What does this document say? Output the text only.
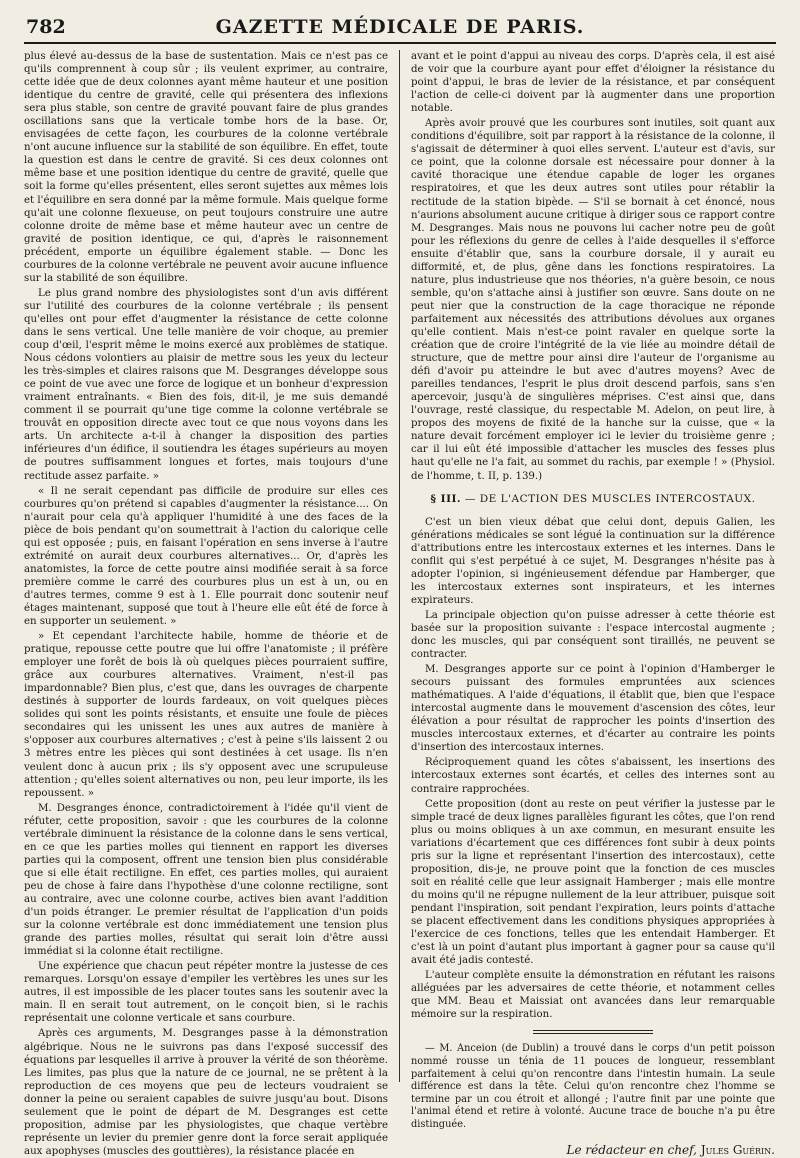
782	GAZETTE MÉDICALE DE PARIS.

plus élevé au-dessus de la base de sustentation. Mais ce n'est pas ce qu'ils comprennent à coup sûr ; ils veulent exprimer, au contraire, cette idée que de deux colonnes ayant même hauteur et une position identique du centre de gravité, celle qui présentera des inflexions sera plus stable, son centre de gravité pouvant faire de plus grandes oscillations sans que la verticale tombe hors de la base. Or, envisagées de cette façon, les courbures de la colonne vertébrale n'ont aucune influence sur la stabilité de son équilibre. En effet, toute la question est dans le centre de gravité. Si ces deux colonnes ont même base et une position identique du centre de gravité, quelle que soit la forme qu'elles présentent, elles seront sujettes aux mêmes lois et l'équilibre en sera donné par la même formule. Mais quelque forme qu'ait une colonne flexueuse, on peut toujours construire une autre colonne droite de même base et même hauteur avec un centre de gravité de position identique, ce qui, d'après le raisonnement précédent, emporte un équilibre également stable. — Donc les courbures de la colonne vertébrale ne peuvent avoir aucune influence sur la stabilité de son équilibre.

Le plus grand nombre des physiologistes sont d'un avis différent sur l'utilité des courbures de la colonne vertébrale ; ils pensent qu'elles ont pour effet d'augmenter la résistance de cette colonne dans le sens vertical. Une telle manière de voir choque, au premier coup d'œil, l'esprit même le moins exercé aux problèmes de statique. Nous cédons volontiers au plaisir de mettre sous les yeux du lecteur les très-simples et claires raisons que M. Desgranges développe sous ce point de vue avec une force de logique et un bonheur d'expression vraiment entraînants. « Bien des fois, dit-il, je me suis demandé comment il se pourrait qu'une tige comme la colonne vertébrale se trouvât en opposition directe avec tout ce que nous voyons dans les arts. Un architecte a-t-il à changer la disposition des parties inférieures d'un édifice, il soutiendra les étages supérieurs au moyen de poutres suffisamment longues et fortes, mais toujours d'une rectitude assez parfaite. »

« Il ne serait cependant pas difficile de produire sur elles ces courbures qu'on prétend si capables d'augmenter la résistance.... On n'aurait pour cela qu'à appliquer l'humidité à une des faces de la pièce de bois pendant qu'on soumettrait à l'action du calorique celle qui est opposée ; puis, en faisant l'opération en sens inverse à l'autre extrémité on aurait deux courbures alternatives... Or, d'après les anatomistes, la force de cette poutre ainsi modifiée serait à sa force première comme le carré des courbures plus un est à un, ou en d'autres termes, comme 9 est à 1. Elle pourrait donc soutenir neuf étages maintenant, supposé que tout à l'heure elle eût été de force à en supporter un seulement. »

» Et cependant l'architecte habile, homme de théorie et de pratique, repousse cette poutre que lui offre l'anatomiste ; il préfère employer une forêt de bois là où quelques pièces pourraient suffire, grâce aux courbures alternatives. Vraiment, n'est-il pas impardonnable? Bien plus, c'est que, dans les ouvrages de charpente destinés à supporter de lourds fardeaux, on voit quelques pièces solides qui sont les points résistants, et ensuite une foule de pièces secondaires qui les unissent les unes aux autres de manière à s'opposer aux courbures alternatives ; c'est à peine s'ils laissent 2 ou 3 mètres entre les pièces qui sont destinées à cet usage. Ils n'en veulent donc à aucun prix ; ils s'y opposent avec une scrupuleuse attention ; qu'elles soient alternatives ou non, peu leur importe, ils les repoussent. »

M. Desgranges énonce, contradictoirement à l'idée qu'il vient de réfuter, cette proposition, savoir : que les courbures de la colonne vertébrale diminuent la résistance de la colonne dans le sens vertical, en ce que les parties molles qui tiennent en rapport les diverses parties qui la composent, offrent une tension bien plus considérable que si elle était rectiligne. En effet, ces parties molles, qui auraient peu de chose à faire dans l'hypothèse d'une colonne rectiligne, sont au contraire, avec une colonne courbe, actives bien avant l'addition d'un poids étranger. Le premier résultat de l'application d'un poids sur la colonne vertébrale est donc immédiatement une tension plus grande des parties molles, résultat qui serait loin d'être aussi immédiat si la colonne était rectiligne.

Une expérience que chacun peut répéter montre la justesse de ces remarques. Lorsqu'on essaye d'empiler les vertèbres les unes sur les autres, il est impossible de les placer toutes sans les soutenir avec la main. Il en serait tout autrement, on le conçoit bien, si le rachis représentait une colonne verticale et sans courbure.

Après ces arguments, M. Desgranges passe à la démonstration algébrique. Nous ne le suivrons pas dans l'exposé successif des équations par lesquelles il arrive à prouver la vérité de son théorème. Les limites, pas plus que la nature de ce journal, ne se prêtent à la reproduction de ces moyens que peu de lecteurs voudraient se donner la peine ou seraient capables de suivre jusqu'au bout. Disons seulement que le point de départ de M. Desgranges est cette proposition, admise par les physiologistes, que chaque vertèbre représente un levier du premier genre dont la force serait appliquée aux apophyses (muscles des gouttières), la résistance placée en

avant et le point d'appui au niveau des corps. D'après cela, il est aisé de voir que la courbure ayant pour effet d'éloigner la résistance du point d'appui, le bras de levier de la résistance, et par conséquent l'action de celle-ci doivent par là augmenter dans une proportion notable.

Après avoir prouvé que les courbures sont inutiles, soit quant aux conditions d'équilibre, soit par rapport à la résistance de la colonne, il s'agissait de déterminer à quoi elles servent. L'auteur est d'avis, sur ce point, que la colonne dorsale est nécessaire pour donner à la cavité thoracique une étendue capable de loger les organes respiratoires, et que les deux autres sont utiles pour rétablir la rectitude de la station bipède. — S'il se bornait à cet énoncé, nous n'aurions absolument aucune critique à diriger sous ce rapport contre M. Desgranges. Mais nous ne pouvons lui cacher notre peu de goût pour les réflexions du genre de celles à l'aide desquelles il s'efforce ensuite d'établir que, sans la courbure dorsale, il y aurait eu difformité, et, de plus, gêne dans les fonctions respiratoires. La nature, plus industrieuse que nos théories, n'a guère besoin, ce nous semble, qu'on s'attache ainsi à justifier son œuvre. Sans doute on ne peut nier que la construction de la cage thoracique ne réponde parfaitement aux nécessités des attributions dévolues aux organes qu'elle contient. Mais n'est-ce point ravaler en quelque sorte la création que de croire l'intégrité de la vie liée au moindre détail de structure, que de mettre pour ainsi dire l'auteur de l'organisme au défi d'avoir pu atteindre le but avec d'autres moyens? Avec de pareilles tendances, l'esprit le plus droit descend parfois, sans s'en apercevoir, jusqu'à de singulières méprises. C'est ainsi que, dans l'ouvrage, resté classique, du respectable M. Adelon, on peut lire, à propos des moyens de fixité de la hanche sur la cuisse, que « la nature devait forcément employer ici le levier du troisième genre ; car il lui eût été impossible d'attacher les muscles des fesses plus haut qu'elle ne l'a fait, au sommet du rachis, par exemple ! » (Physiol. de l'homme, t. II, p. 139.)

§ III. — DE L'ACTION DES MUSCLES INTERCOSTAUX.

C'est un bien vieux débat que celui dont, depuis Galien, les générations médicales se sont légué la continuation sur la différence d'attributions entre les intercostaux externes et les internes. Dans le conflit qui s'est perpétué à ce sujet, M. Desgranges n'hésite pas à adopter l'opinion, si ingénieusement défendue par Hamberger, que les intercostaux externes sont inspirateurs, et les internes expirateurs.

La principale objection qu'on puisse adresser à cette théorie est basée sur la proposition suivante : l'espace intercostal augmente ; donc les muscles, qui par conséquent sont tiraillés, ne peuvent se contracter.

M. Desgranges apporte sur ce point à l'opinion d'Hamberger le secours puissant des formules empruntées aux sciences mathématiques. A l'aide d'équations, il établit que, bien que l'espace intercostal augmente dans le mouvement d'ascension des côtes, leur élévation a pour résultat de rapprocher les points d'insertion des muscles intercostaux externes, et d'écarter au contraire les points d'insertion des intercostaux internes.

Réciproquement quand les côtes s'abaissent, les insertions des intercostaux externes sont écartés, et celles des internes sont au contraire rapprochées.

Cette proposition (dont au reste on peut vérifier la justesse par le simple tracé de deux lignes parallèles figurant les côtes, que l'on rend plus ou moins obliques à un axe commun, en mesurant ensuite les variations d'écartement que ces différences font subir à deux points pris sur la ligne et représentant l'insertion des intercostaux), cette proposition, dis-je, ne prouve point que la fonction de ces muscles soit en réalité celle que leur assignait Hamberger ; mais elle montre du moins qu'il ne répugne nullement de la leur attribuer, puisque soit pendant l'inspiration, soit pendant l'expiration, leurs points d'attache se placent effectivement dans les conditions physiques appropriées à l'exercice de ces fonctions, telles que les entendait Hamberger. Et c'est là un point d'autant plus important à gagner pour sa cause qu'il avait été jadis contesté.

L'auteur complète ensuite la démonstration en réfutant les raisons alléguées par les adversaires de cette théorie, et notamment celles que MM. Beau et Maissiat ont avancées dans leur remarquable mémoire sur la respiration.

— M. Anceion (de Dublin) a trouvé dans le corps d'un petit poisson nommé rousse un ténia de 11 pouces de longueur, ressemblant parfaitement à celui qu'on rencontre dans l'intestin humain. La seule différence est dans la tête. Celui qu'on rencontre chez l'homme se termine par un cou étroit et allongé ; l'autre finit par une pointe que l'animal étend et retire à volonté. Aucune trace de bouche n'a pu être distinguée.

Le rédacteur en chef, Jules Guérin.
